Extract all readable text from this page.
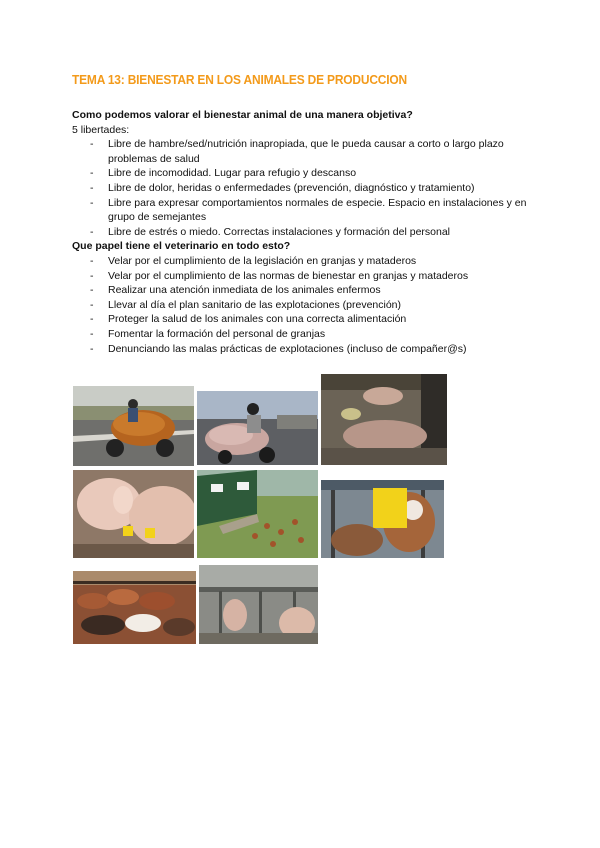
TEMA 13: BIENESTAR EN LOS ANIMALES DE PRODUCCION

Como podemos valorar el bienestar animal de una manera objetiva?

5 libertades:

- Libre de hambre/sed/nutrición inapropiada, que le pueda causar a corto o largo plazo problemas de salud
- Libre de incomodidad. Lugar para refugio y descanso
- Libre de dolor, heridas o enfermedades (prevención, diagnóstico y tratamiento)
- Libre para expresar comportamientos normales de especie. Espacio en instalaciones y en grupo de semejantes
- Libre de estrés o miedo. Correctas instalaciones y formación del personal

Que papel tiene el veterinario en todo esto?

- Velar por el cumplimiento de la legislación en granjas y mataderos
- Velar por el cumplimiento de las normas de bienestar en granjas y mataderos
- Realizar una atención inmediata de los animales enfermos
- Llevar al día el plan sanitario de las explotaciones (prevención)
- Proteger la salud de los animales con una correcta alimentación
- Fomentar la formación del personal de granjas
- Denunciando las malas prácticas de explotaciones (incluso de compañer@s)
